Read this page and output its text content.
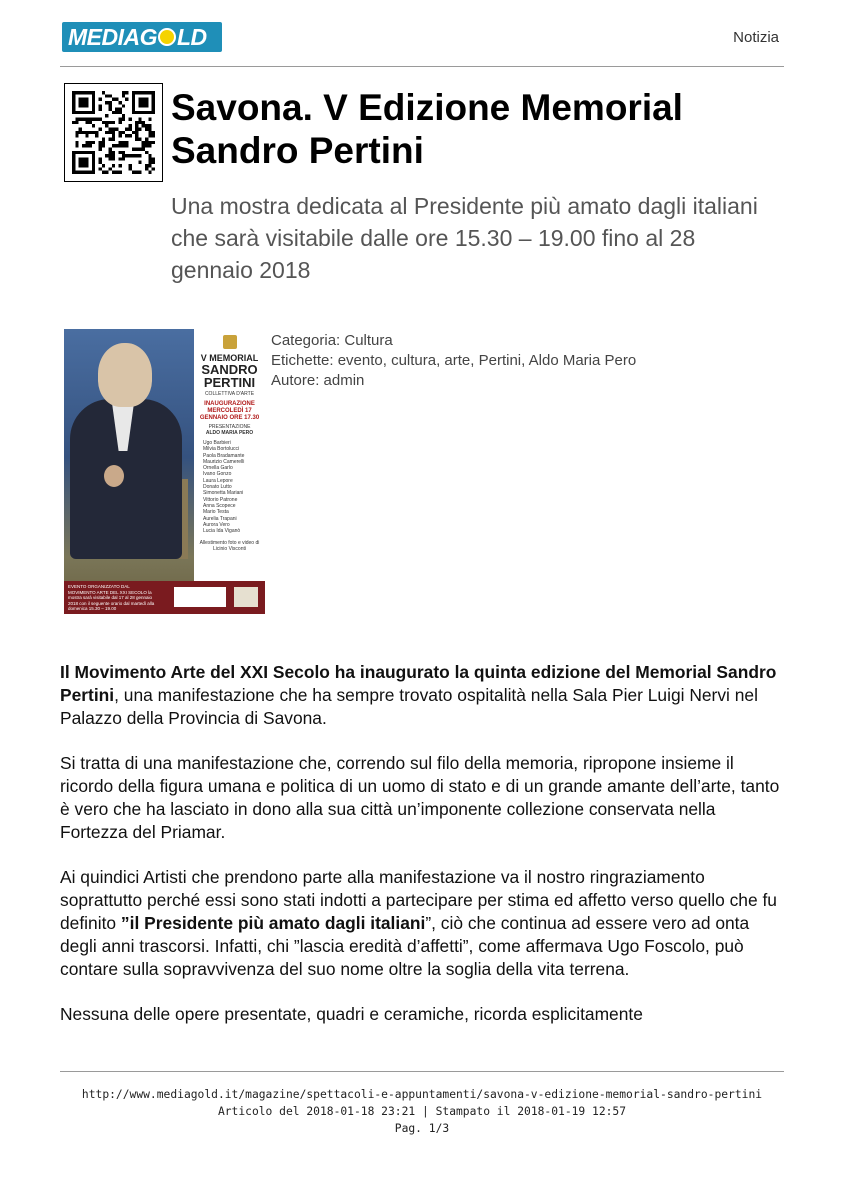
MEDIAG LD	Notizia
Savona. V Edizione Memorial Sandro Pertini

Una mostra dedicata al Presidente più amato dagli italiani che sarà visitabile dalle ore 15.30 – 19.00 fino al 28 gennaio 2018

V MEMORIAL
SANDRO
PERTINI
COLLETTIVA D'ARTE
INAUGURAZIONE
MERCOLEDÌ 17 GENNAIO ORE 17.30
PRESENTAZIONE
ALDO MARIA PERO
Ugo Barbieri
Milvia Bortolucci
Paola Bradamante
Maurizio Camerelli
Ornella Garlo
Ivano Gonzo
Laura Lepore
Donato Lutto
Simonetta Mariani
Vittorio Patrone
Anna Scopece
Mario Testa
Aurelia Trapani
Aurora Vero
Lucia Ida Viganò
Allestimento foto e video di Licinio Visconti
EVENTO ORGANIZZATO DAL MOVIMENTO ARTE DEL XXI SECOLO la mostra sarà visitabile dal 17 al 28 gennaio 2018 con il seguente orario dal martedì alla domenica 15.30 – 19.00
Categoria: Cultura
Etichette: evento, cultura, arte, Pertini, Aldo Maria Pero
Autore: admin

Il Movimento Arte del XXI Secolo ha inaugurato la quinta edizione del Memorial Sandro Pertini, una manifestazione che ha sempre trovato ospitalità nella Sala Pier Luigi Nervi nel Palazzo della Provincia di Savona.

Si tratta di una manifestazione che, correndo sul filo della memoria, ripropone insieme il ricordo della figura umana e politica di un uomo di stato e di un grande amante dell’arte, tanto è vero che ha lasciato in dono alla sua città un’imponente collezione conservata nella Fortezza del Priamar.

Ai quindici Artisti che prendono parte alla manifestazione va il nostro ringraziamento soprattutto perché essi sono stati indotti a partecipare per stima ed affetto verso quello che fu definito ”il Presidente più amato dagli italiani”, ciò che continua ad essere vero ad onta degli anni trascorsi. Infatti, chi ”lascia eredità d’affetti”, come affermava Ugo Foscolo, può contare sulla sopravvivenza del suo nome oltre la soglia della vita terrena.

Nessuna delle opere presentate, quadri e ceramiche, ricorda esplicitamente

http://www.mediagold.it/magazine/spettacoli-e-appuntamenti/savona-v-edizione-memorial-sandro-pertini
Articolo del 2018-01-18 23:21 | Stampato il 2018-01-19 12:57
Pag. 1/3
